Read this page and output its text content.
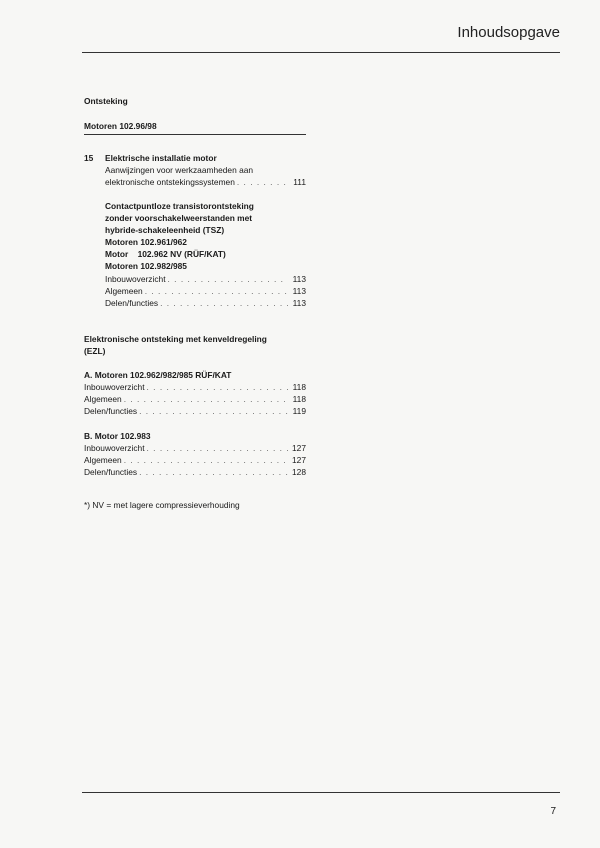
Inhoudsopgave
Ontsteking
Motoren 102.96/98
15 Elektrische installatie motor
Aanwijzingen voor werkzaamheden aan
elektronische ontstekingssystemen . . .	111
Contactpuntloze transistorontsteking
zonder voorschakelweerstanden met
hybride-schakeleenheid (TSZ)
Motoren 102.961/962
Motor    102.962 NV (RÜF/KAT)
Motoren 102.982/985
Inbouwoverzicht . . .	113
Algemeen . . .	113
Delen/functies . . .	113
Elektronische ontsteking met kenveldregeling
(EZL)
A. Motoren 102.962/982/985 RÜF/KAT
Inbouwoverzicht . . .	118
Algemeen . . .	118
Delen/functies . . .	119
B. Motor 102.983
Inbouwoverzicht . . .	127
Algemeen . . .	127
Delen/functies . . .	128
*) NV = met lagere compressieverhouding
7
